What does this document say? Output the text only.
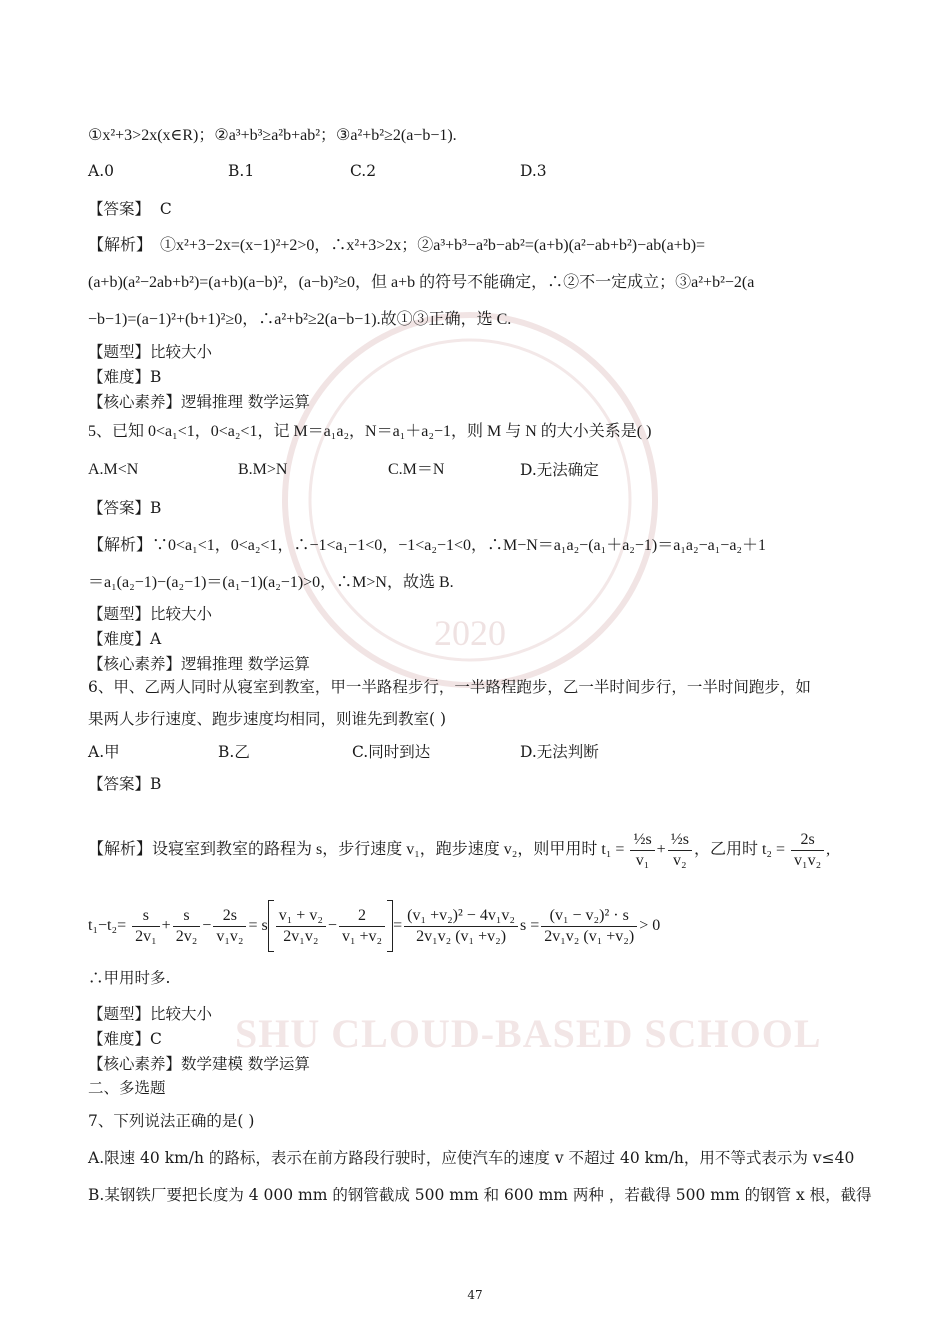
2020
SHU CLOUD-BASED SCHOOL
①x²+3>2x(x∈R)；②a³+b³≥a²b+ab²；③a²+b²≥2(a−b−1).
A.0	B.1	C.2	D.3
【答案】 C
【解析】 ①x²+3−2x=(x−1)²+2>0，∴x²+3>2x；②a³+b³−a²b−ab²=(a+b)(a²−ab+b²)−ab(a+b)=
(a+b)(a²−2ab+b²)=(a+b)(a−b)²，(a−b)²≥0，但 a+b 的符号不能确定，∴②不一定成立；③a²+b²−2(a
−b−1)=(a−1)²+(b+1)²≥0，∴a²+b²≥2(a−b−1).故①③正确，选 C.
【题型】比较大小
【难度】B
【核心素养】逻辑推理 数学运算
5、已知 0<a₁<1，0<a₂<1，记 M＝a₁a₂，N＝a₁＋a₂−1，则 M 与 N 的大小关系是( )
A.M<N	B.M>N	C.M＝N	D.无法确定
【答案】B
【解析】∵0<a₁<1，0<a₂<1，∴−1<a₁−1<0，−1<a₂−1<0，∴M−N＝a₁a₂−(a₁＋a₂−1)＝a₁a₂−a₁−a₂＋1
＝a₁(a₂−1)−(a₂−1)＝(a₁−1)(a₂−1)>0，∴M>N，故选 B.
【题型】比较大小
【难度】A
【核心素养】逻辑推理 数学运算
6、甲、乙两人同时从寝室到教室，甲一半路程步行，一半路程跑步，乙一半时间步行，一半时间跑步，如
果两人步行速度、跑步速度均相同，则谁先到教室( )
A.甲	B.乙	C.同时到达	D.无法判断
【答案】B
【解析】设寝室到教室的路程为 s，步行速度 v₁，跑步速度 v₂，则甲用时 $t_1 = \frac{\text{½s}}{\text{v₁}} + \frac{\text{½s}}{\text{v₂}}$ ，乙用时 $t_2 = \frac{2s}{\text{v₁v₂}}$ ,
$t_1-t_2= \frac{s}{\text{2v₁}} + \frac{s}{\text{2v₂}} - \frac{2s}{\text{v₁v₂}} = s \frac{\text{v₁ + v₂}}{\text{2v₁v₂}} - \frac{2}{\text{v₁ +v₂}} = \frac{\text{(v₁ +v₂)² − 4v₁v₂}}{\text{2v₁v₂ (v₁ +v₂)}}$ $s = \frac{\text{(v₁ − v₂)² · s}}{\text{2v₁v₂ (v₁ +v₂)}} > 0$
∴甲用时多.
【题型】比较大小
【难度】C
【核心素养】数学建模 数学运算
二、多选题
7、下列说法正确的是( )
A.限速 40 km/h 的路标，表示在前方路段行驶时，应使汽车的速度 v 不超过 40 km/h，用不等式表示为 v≤40
B.某钢铁厂要把长度为 4 000 mm 的钢管截成 500 mm 和 600 mm 两种 ，若截得 500 mm 的钢管 x 根，截得
47
